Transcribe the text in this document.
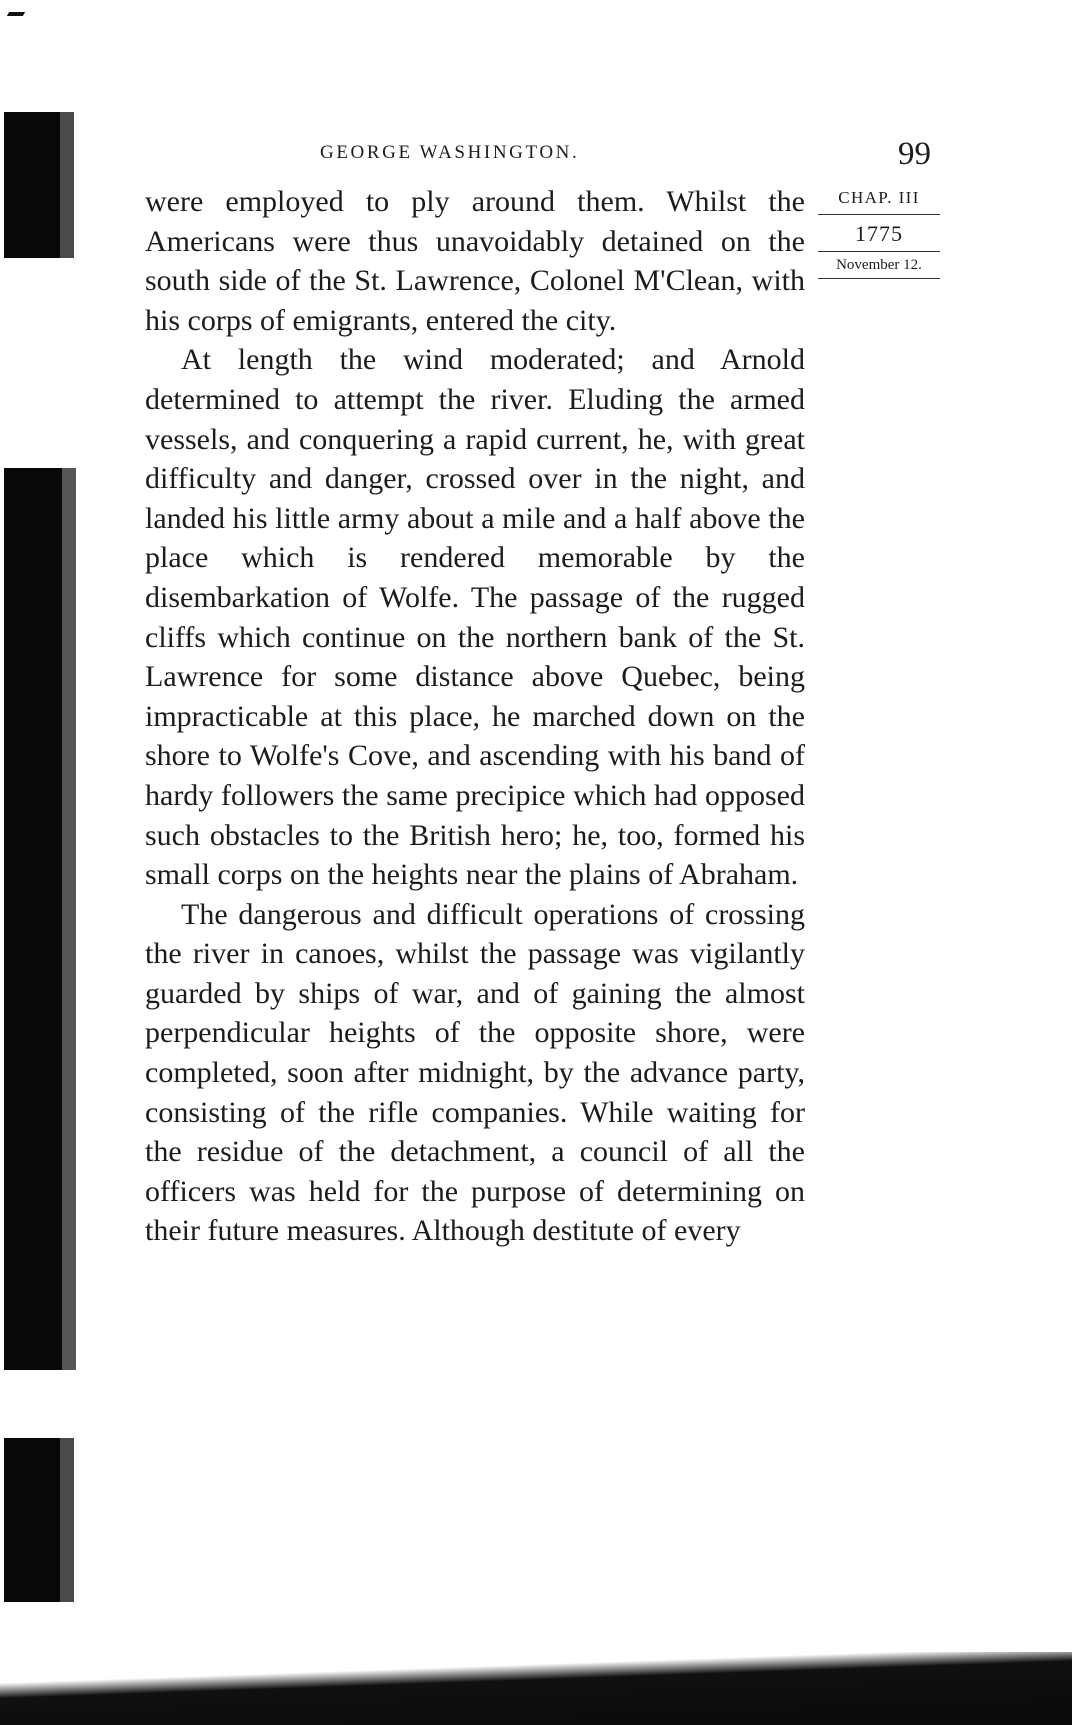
GEORGE WASHINGTON.	99
CHAP. III
1775
November 12.

were employed to ply around them. Whilst the Americans were thus unavoidably detained on the south side of the St. Lawrence, Colonel M'Clean, with his corps of emigrants, entered the city.

At length the wind moderated; and Arnold determined to attempt the river. Eluding the armed vessels, and conquering a rapid current, he, with great difficulty and danger, crossed over in the night, and landed his little army about a mile and a half above the place which is rendered memorable by the disembarkation of Wolfe. The passage of the rugged cliffs which continue on the northern bank of the St. Lawrence for some distance above Quebec, being impracticable at this place, he marched down on the shore to Wolfe's Cove, and ascending with his band of hardy followers the same precipice which had opposed such obstacles to the British hero; he, too, formed his small corps on the heights near the plains of Abraham.

The dangerous and difficult operations of crossing the river in canoes, whilst the passage was vigilantly guarded by ships of war, and of gaining the almost perpendicular heights of the opposite shore, were completed, soon after midnight, by the advance party, consisting of the rifle companies. While waiting for the residue of the detachment, a council of all the officers was held for the purpose of determining on their future measures. Although destitute of every
